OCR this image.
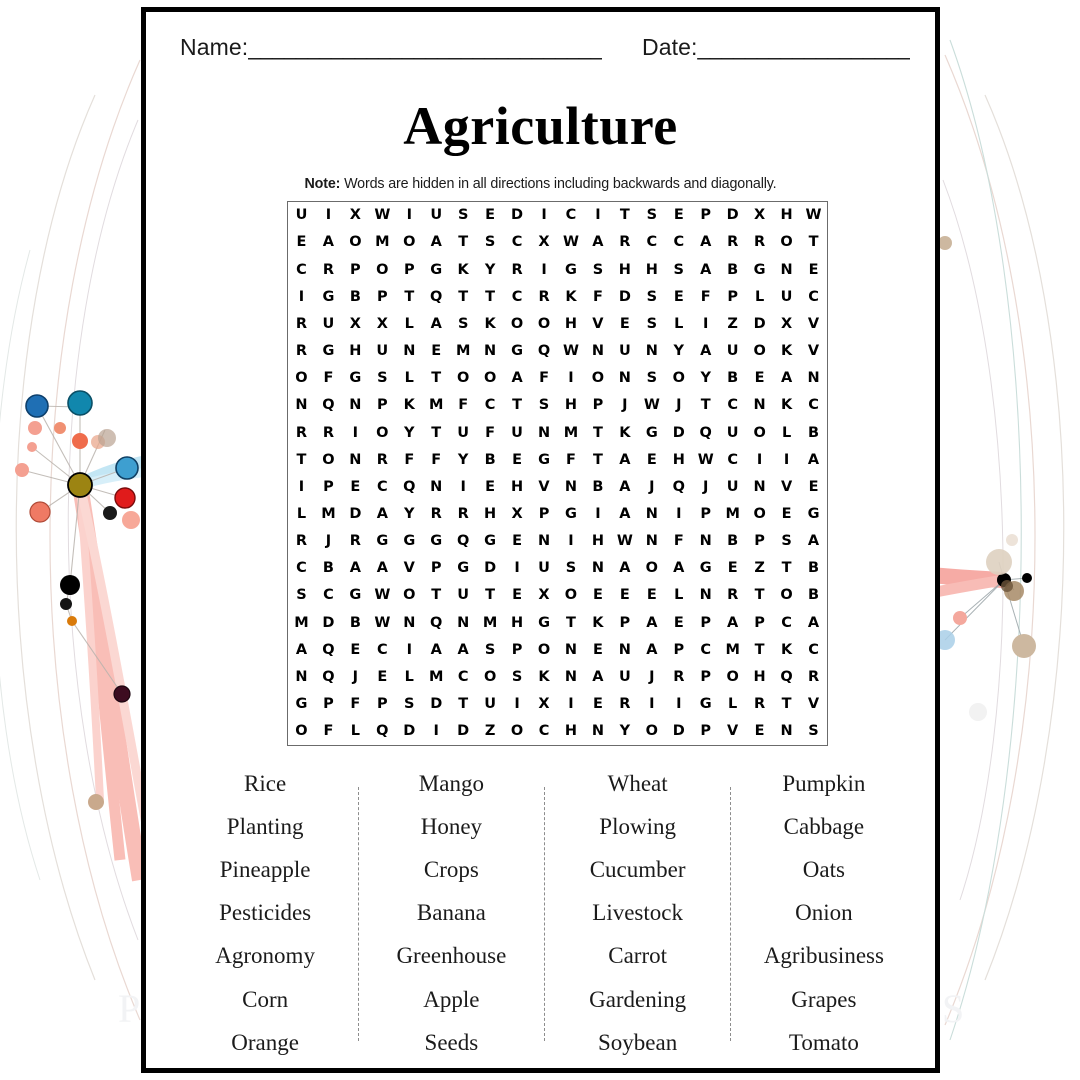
P	S
Name: ______________________________ Date: __________________
Agriculture
Note: Words are hidden in all directions including backwards and diagonally.
U I X W I U S E D I C I T S E P D X H W
E A O M O A T S C X W A R C C A R R O T
C R P O P G K Y R I G S H H S A B G N E
I G B P T Q T T C R K F D S E F P L U C
R U X X L A S K O O H V E S L I Z D X V
R G H U N E M N G Q W N U N Y A U O K V
O F G S L T O O A F I O N S O Y B E A N
N Q N P K M F C T S H P J W J T C N K C
R R I O Y T U F U N M T K G D Q U O L B
T O N R F F Y B E G F T A E H W C I I A
I P E C Q N I E H V N B A J Q J U N V E
L M D A Y R R H X P G I A N I P M O E G
R J R G G G Q G E N I H W N F N B P S A
C B A A V P G D I U S N A O A G E Z T B
S C G W O T U T E X O E E E L N R T O B
M D B W N Q N M H G T K P A E P A P C A
A Q E C I A A S P O N E N A P C M T K C
N Q J E L M C O S K N A U J R P O H Q R
G P F P S D T U I X I E R I I G L R T V
O F L Q D I D Z O C H N Y O D P V E N S
Rice
Planting
Pineapple
Pesticides
Agronomy
Corn
Orange
Mango
Honey
Crops
Banana
Greenhouse
Apple
Seeds
Wheat
Plowing
Cucumber
Livestock
Carrot
Gardening
Soybean
Pumpkin
Cabbage
Oats
Onion
Agribusiness
Grapes
Tomato
